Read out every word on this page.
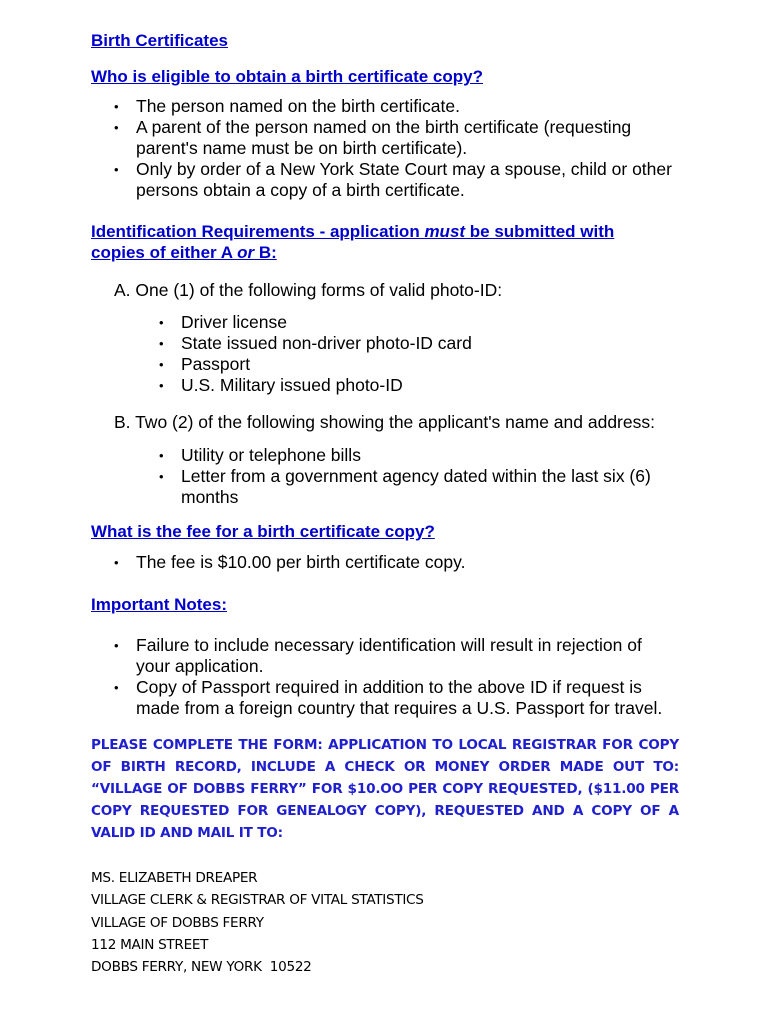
Birth Certificates
Who is eligible to obtain a birth certificate copy?
• The person named on the birth certificate.
• A parent of the person named on the birth certificate (requesting parent's name must be on birth certificate).
• Only by order of a New York State Court may a spouse, child or other persons obtain a copy of a birth certificate.
Identification Requirements - application must be submitted with copies of either A or B:

A. One (1) of the following forms of valid photo-ID:

• Driver license
• State issued non-driver photo-ID card
• Passport
• U.S. Military issued photo-ID

B. Two (2) of the following showing the applicant's name and address:

• Utility or telephone bills
• Letter from a government agency dated within the last six (6) months
What is the fee for a birth certificate copy?
• The fee is $10.00 per birth certificate copy.
Important Notes:
• Failure to include necessary identification will result in rejection of your application.
• Copy of Passport required in addition to the above ID if request is made from a foreign country that requires a U.S. Passport for travel.

PLEASE COMPLETE THE FORM: APPLICATION TO LOCAL REGISTRAR FOR COPY OF BIRTH RECORD, INCLUDE A CHECK OR MONEY ORDER MADE OUT TO: “VILLAGE OF DOBBS FERRY” FOR $10.OO PER COPY REQUESTED, ($11.00 PER COPY REQUESTED FOR GENEALOGY COPY), REQUESTED AND A COPY OF A VALID ID AND MAIL IT TO:

MS. ELIZABETH DREAPER
VILLAGE CLERK & REGISTRAR OF VITAL STATISTICS
VILLAGE OF DOBBS FERRY
112 MAIN STREET
DOBBS FERRY, NEW YORK  10522
